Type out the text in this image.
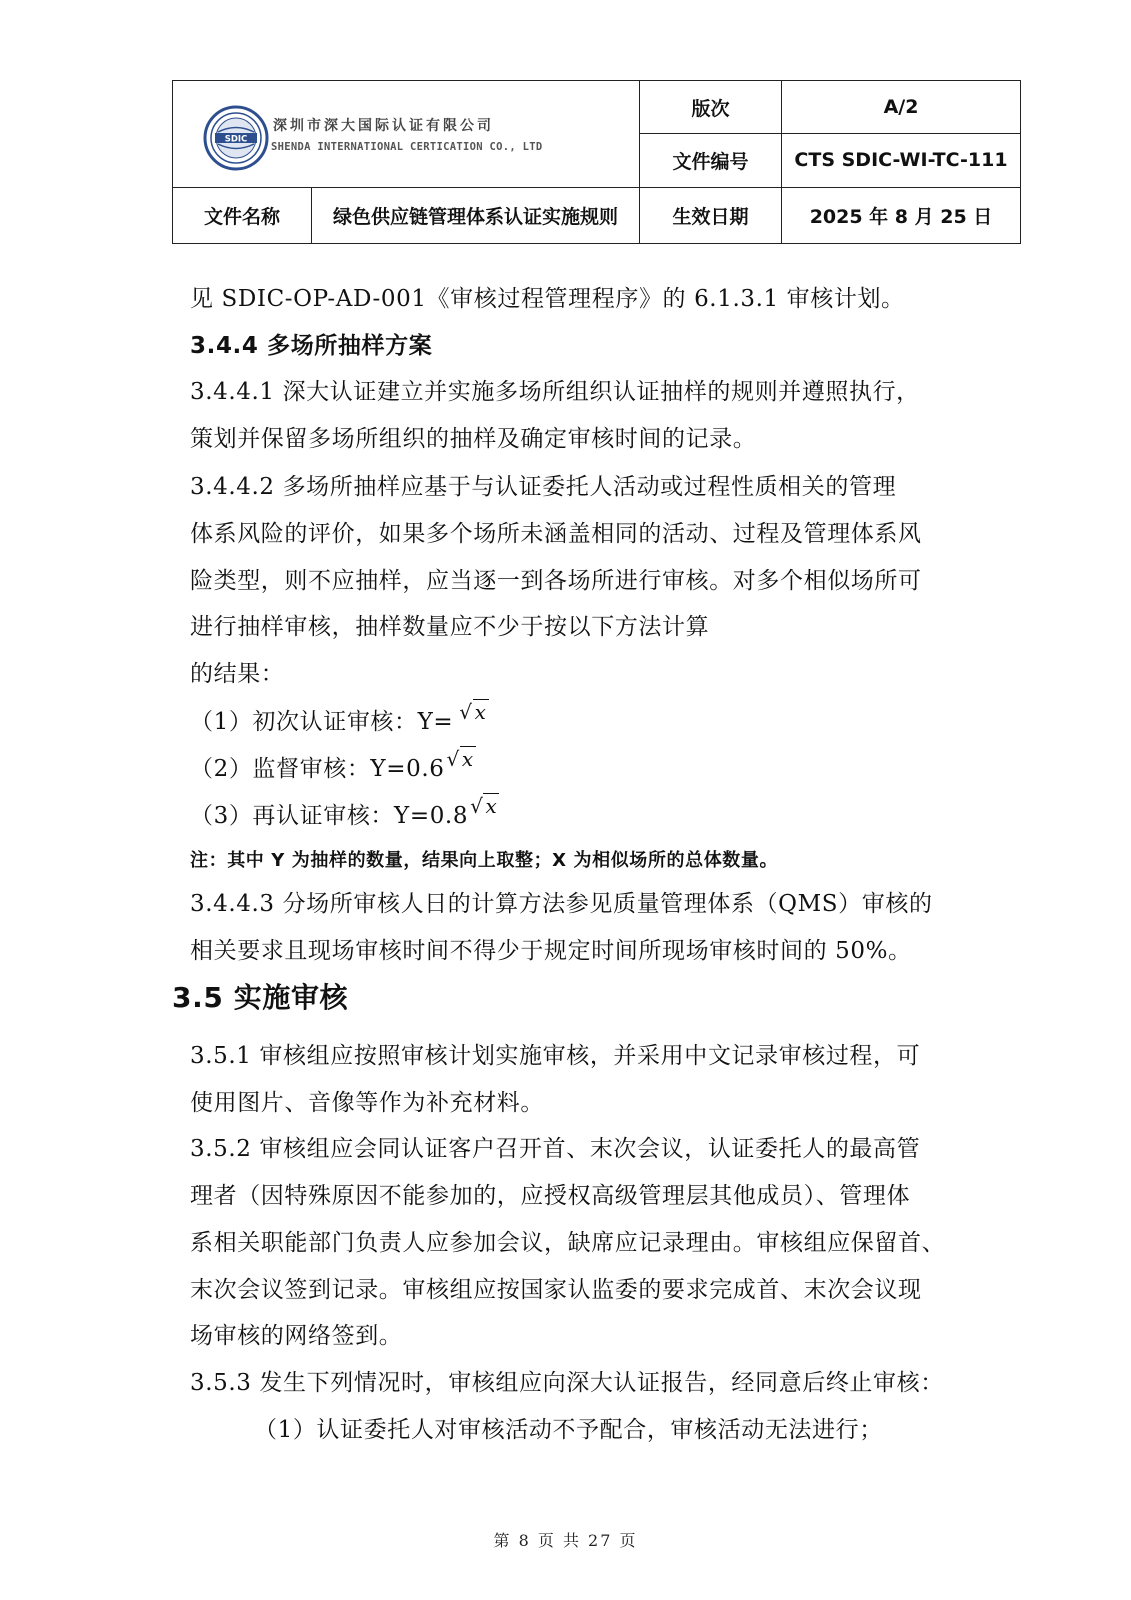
SDIC
深圳市深大国际认证有限公司
SHENDA INTERNATIONAL CERTICATION CO., LTD		版次	A/2
		文件编号	CTS SDIC-WI-TC-111
文件名称	绿色供应链管理体系认证实施规则	生效日期	2025 年 8 月 25 日
见 SDIC-OP-AD-001《审核过程管理程序》的 6.1.3.1 审核计划。
3.4.4 多场所抽样方案
3.4.4.1 深大认证建立并实施多场所组织认证抽样的规则并遵照执行，
策划并保留多场所组织的抽样及确定审核时间的记录。
3.4.4.2 多场所抽样应基于与认证委托人活动或过程性质相关的管理
体系风险的评价，如果多个场所未涵盖相同的活动、过程及管理体系风
险类型，则不应抽样，应当逐一到各场所进行审核。对多个相似场所可
进行抽样审核，抽样数量应不少于按以下方法计算
的结果：
（1）初次认证审核：Y= √ x
（2）监督审核：Y=0.6 √ x
（3）再认证审核：Y=0.8 √ x
注：其中 Y 为抽样的数量，结果向上取整；X 为相似场所的总体数量。
3.4.4.3 分场所审核人日的计算方法参见质量管理体系（QMS）审核的
相关要求且现场审核时间不得少于规定时间所现场审核时间的 50%。
3.5 实施审核
3.5.1 审核组应按照审核计划实施审核，并采用中文记录审核过程，可
使用图片、音像等作为补充材料。
3.5.2 审核组应会同认证客户召开首、末次会议，认证委托人的最高管
理者（因特殊原因不能参加的，应授权高级管理层其他成员）、管理体
系相关职能部门负责人应参加会议，缺席应记录理由。审核组应保留首、
末次会议签到记录。审核组应按国家认监委的要求完成首、末次会议现
场审核的网络签到。
3.5.3 发生下列情况时，审核组应向深大认证报告，经同意后终止审核：
（1）认证委托人对审核活动不予配合，审核活动无法进行；
第 8 页 共 27 页
